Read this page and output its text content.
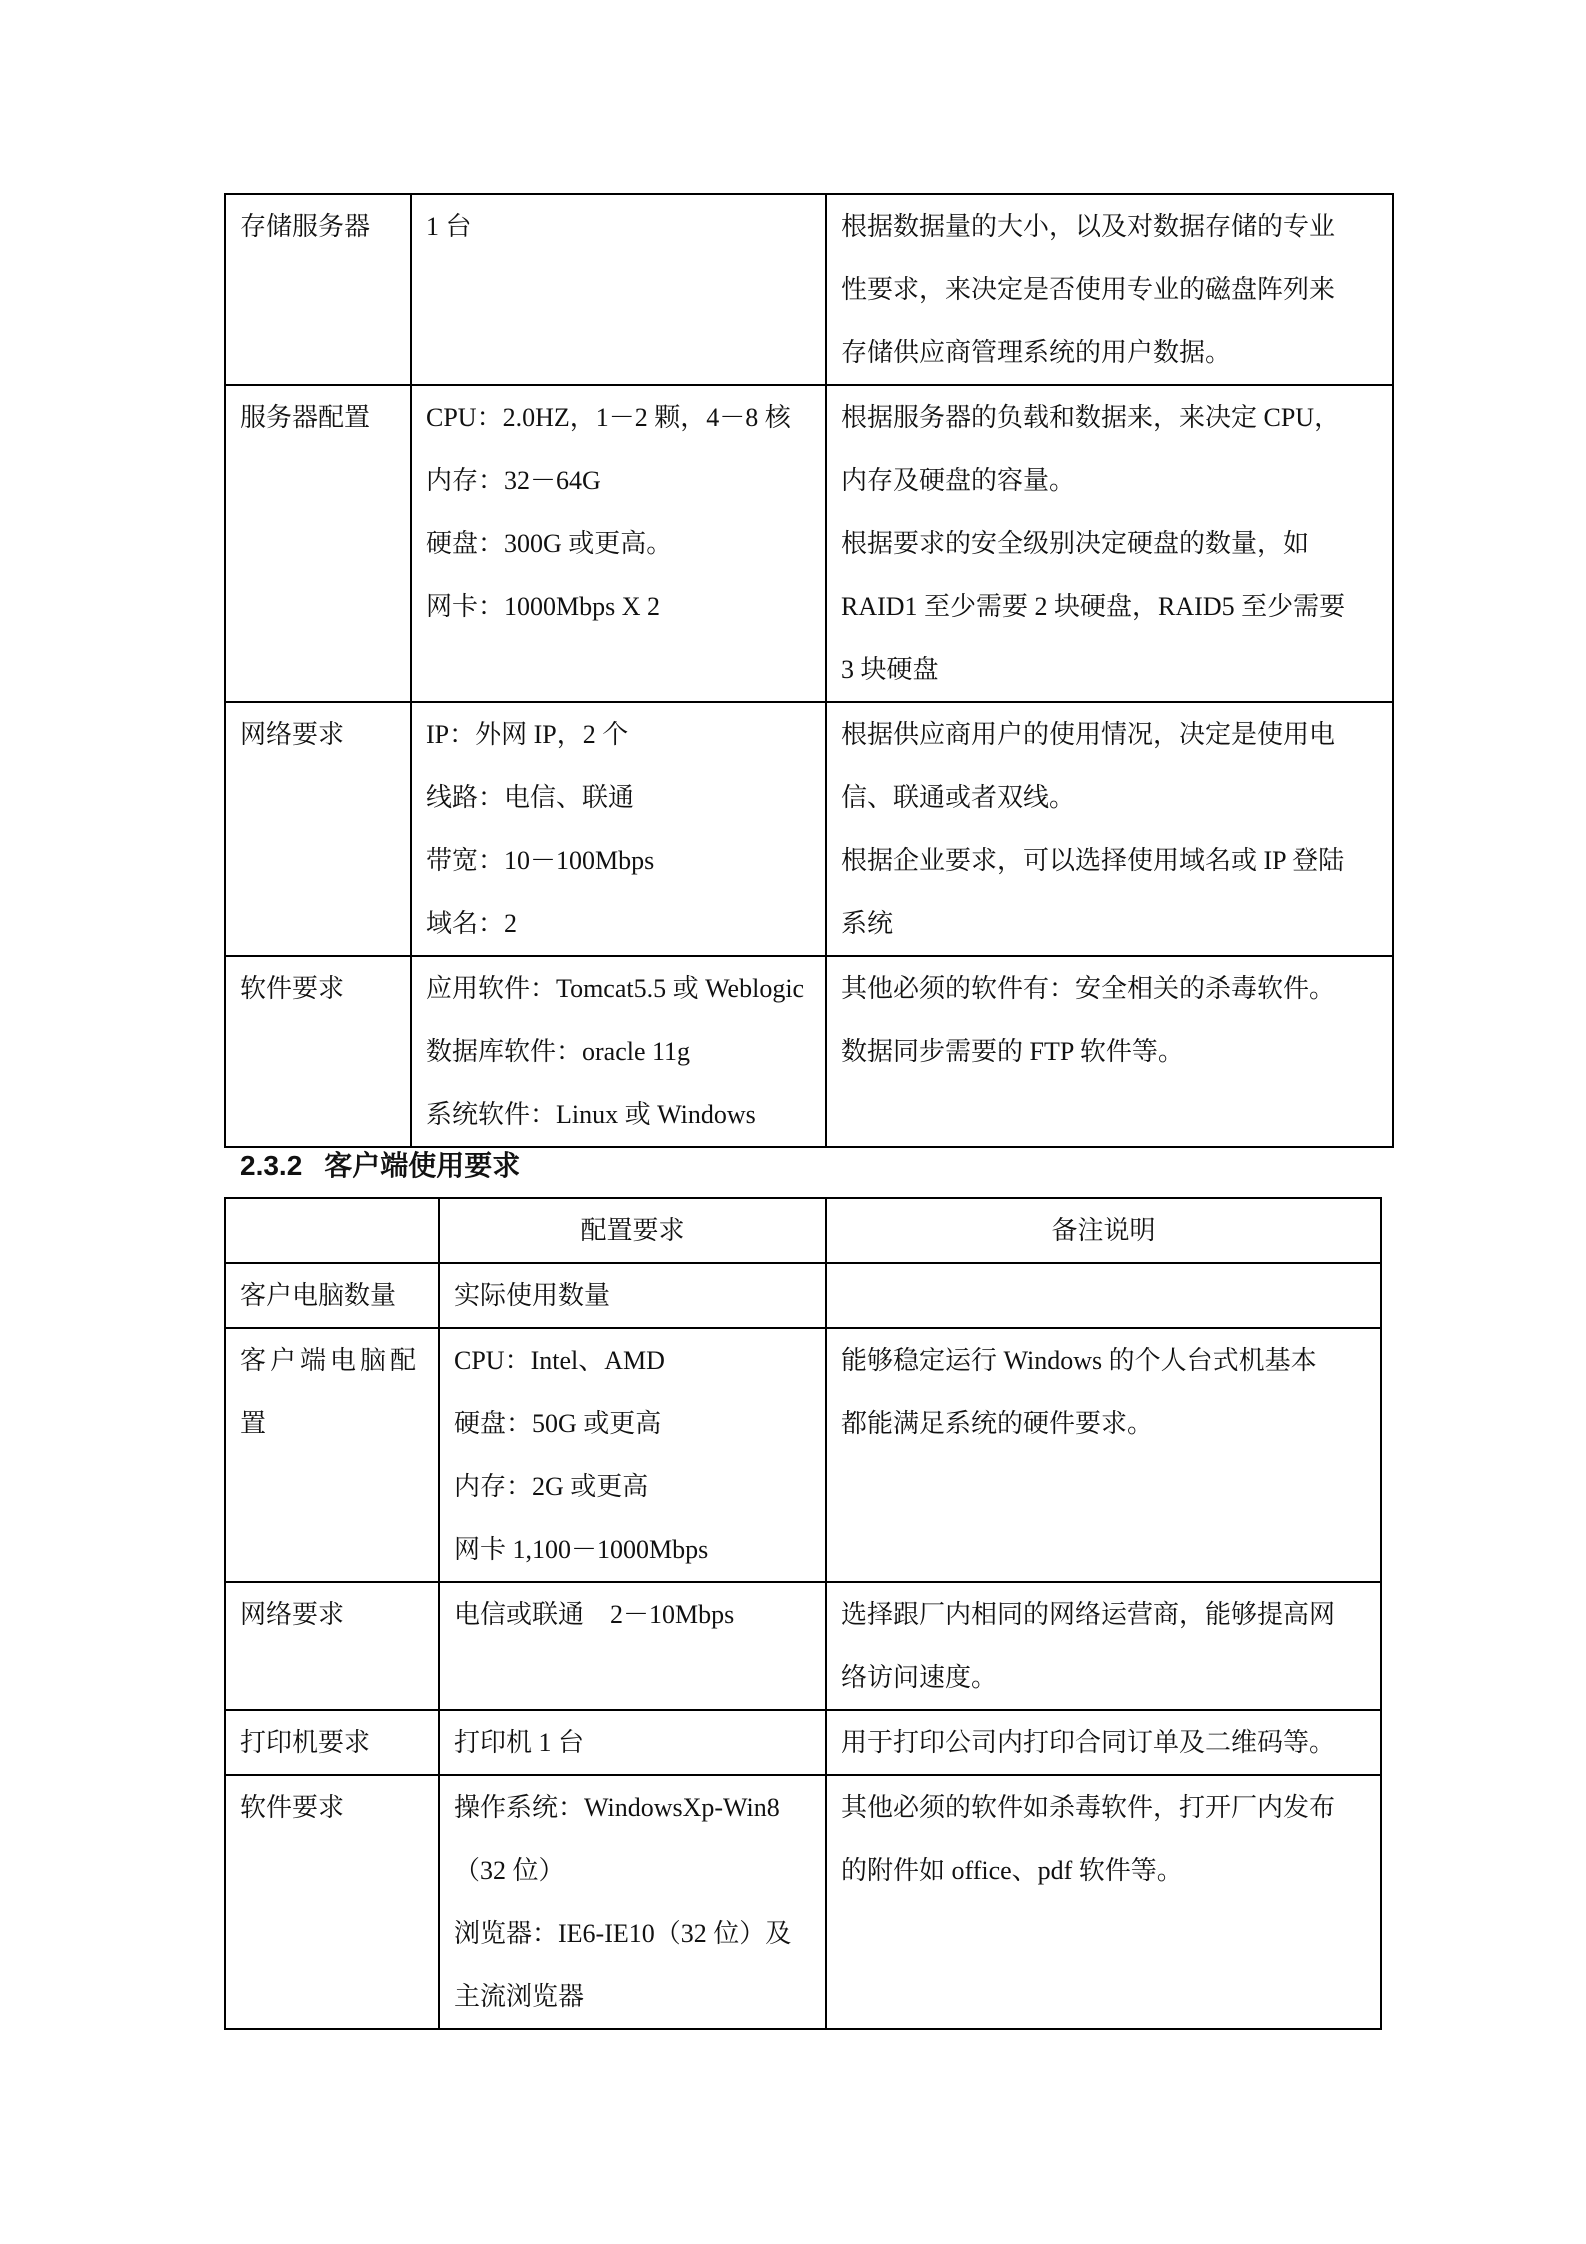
存储服务器	1 台	根据数据量的大小，以及对数据存储的专业
性要求，来决定是否使用专业的磁盘阵列来
存储供应商管理系统的用户数据。

服务器配置	CPU：2.0HZ，1－2 颗，4－8 核
内存：32－64G
硬盘：300G 或更高。
网卡：1000Mbps X 2	根据服务器的负载和数据来，来决定 CPU，
内存及硬盘的容量。
根据要求的安全级别决定硬盘的数量，如
RAID1 至少需要 2 块硬盘，RAID5 至少需要
3 块硬盘

网络要求	IP：外网 IP，2 个
线路：电信、联通
带宽：10－100Mbps
域名：2	根据供应商用户的使用情况，决定是使用电
信、联通或者双线。
根据企业要求，可以选择使用域名或 IP 登陆
系统

软件要求	应用软件：Tomcat5.5 或 Weblogic
数据库软件：oracle 11g
系统软件：Linux 或 Windows	其他必须的软件有：安全相关的杀毒软件。
数据同步需要的 FTP 软件等。
2.3.2 客户端使用要求

	配置要求	备注说明

客户电脑数量	实际使用数量	

客户端电脑配
置	CPU：Intel、AMD
硬盘：50G 或更高
内存：2G 或更高
网卡 1,100－1000Mbps	能够稳定运行 Windows 的个人台式机基本
都能满足系统的硬件要求。

网络要求	电信或联通　2－10Mbps	选择跟厂内相同的网络运营商，能够提高网
络访问速度。

打印机要求	打印机 1 台	用于打印公司内打印合同订单及二维码等。

软件要求	操作系统：WindowsXp-Win8
（32 位）
浏览器：IE6-IE10（32 位）及
主流浏览器	其他必须的软件如杀毒软件，打开厂内发布
的附件如 office、pdf 软件等。
